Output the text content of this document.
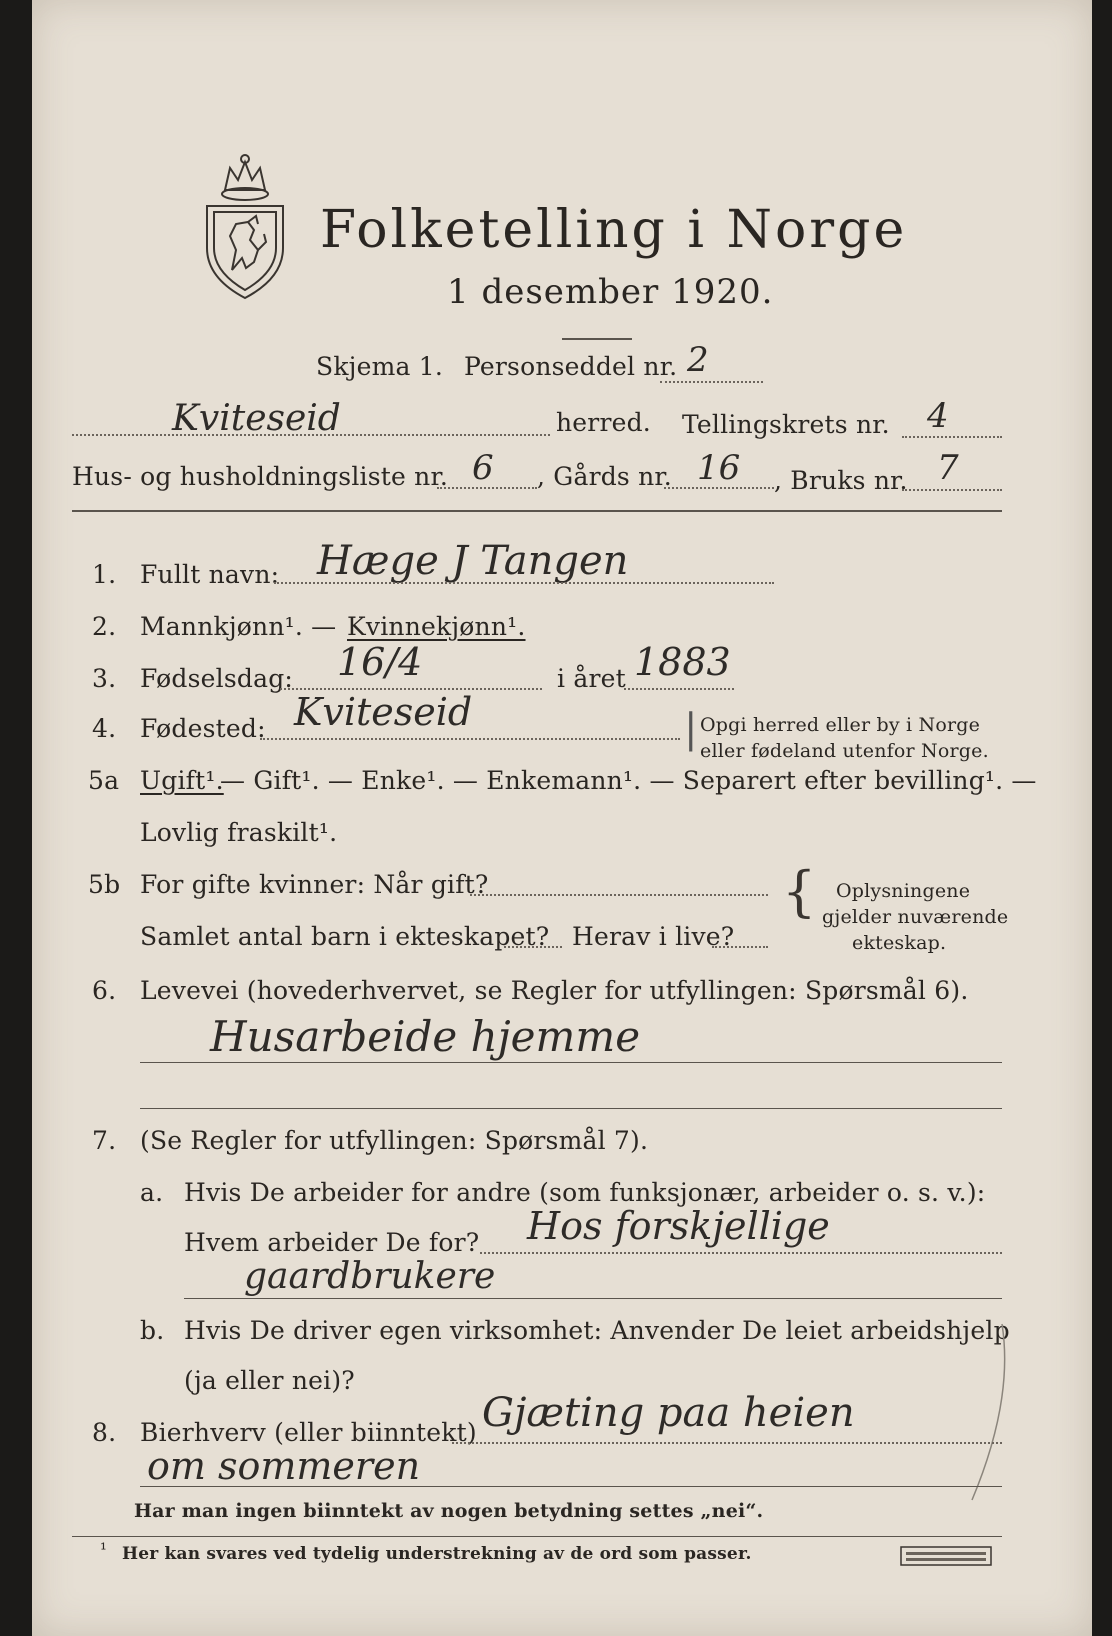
Folketelling i Norge
1 desember 1920.
Skjema 1. Personseddel nr. 2
Kviteseid	herred. Tellingskrets nr. 4
Hus- og husholdningsliste nr. 6 , Gårds nr. 16 , Bruks nr. 7
1. Fullt navn: Hæge J Tangen
2. Mannkjønn¹. — Kvinnekjønn¹.
3. Fødselsdag: 16/4	i året 1883
4. Fødested: Kviteseid	| Opgi herred eller by i Norge
eller fødeland utenfor Norge.
5a Ugift¹.
— Gift¹. — Enke¹. — Enkemann¹. — Separert efter bevilling¹. —
Lovlig fraskilt¹.
5b For gifte kvinner: Når gift?
Samlet antal barn i ekteskapet? Herav i live?
{ Oplysningene
gjelder nuværende
ekteskap.
6. Levevei (hovederhvervet, se Regler for utfyllingen: Spørsmål 6).
Husarbeide hjemme
7. (Se Regler for utfyllingen: Spørsmål 7).
a. Hvis De arbeider for andre (som funksjonær, arbeider o. s. v.):
Hvem arbeider De for? Hos forskjellige
gaardbrukere
b. Hvis De driver egen virksomhet: Anvender De leiet arbeidshjelp
(ja eller nei)?
8. Bierhverv (eller biinntekt) Gjæting paa heien
om sommeren
Har man ingen biinntekt av nogen betydning settes „nei“.
¹ Her kan svares ved tydelig understrekning av de ord som passer.
